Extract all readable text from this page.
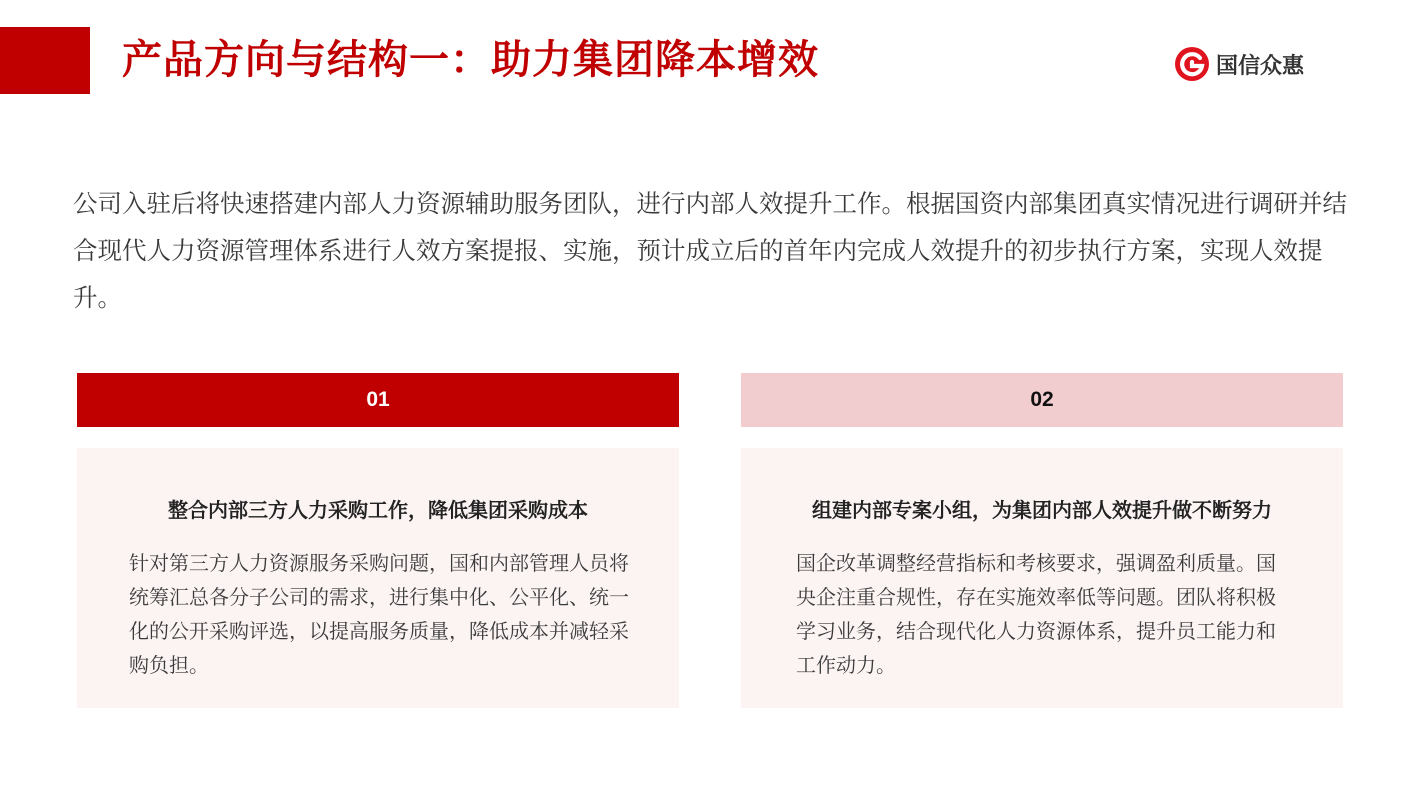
产品方向与结构一：助力集团降本增效	国信众惠

公司入驻后将快速搭建内部人力资源辅助服务团队，进行内部人效提升工作。根据国资内部集团真实情况进行调研并结合现代人力资源管理体系进行人效方案提报、实施，预计成立后的首年内完成人效提升的初步执行方案，实现人效提升。

01	02

整合内部三方人力采购工作，降低集团采购成本

针对第三方人力资源服务采购问题，国和内部管理人员将统筹汇总各分子公司的需求，进行集中化、公平化、统一化的公开采购评选，以提高服务质量，降低成本并减轻采购负担。

组建内部专案小组，为集团内部人效提升做不断努力

国企改革调整经营指标和考核要求，强调盈利质量。国央企注重合规性，存在实施效率低等问题。团队将积极学习业务，结合现代化人力资源体系，提升员工能力和工作动力。
